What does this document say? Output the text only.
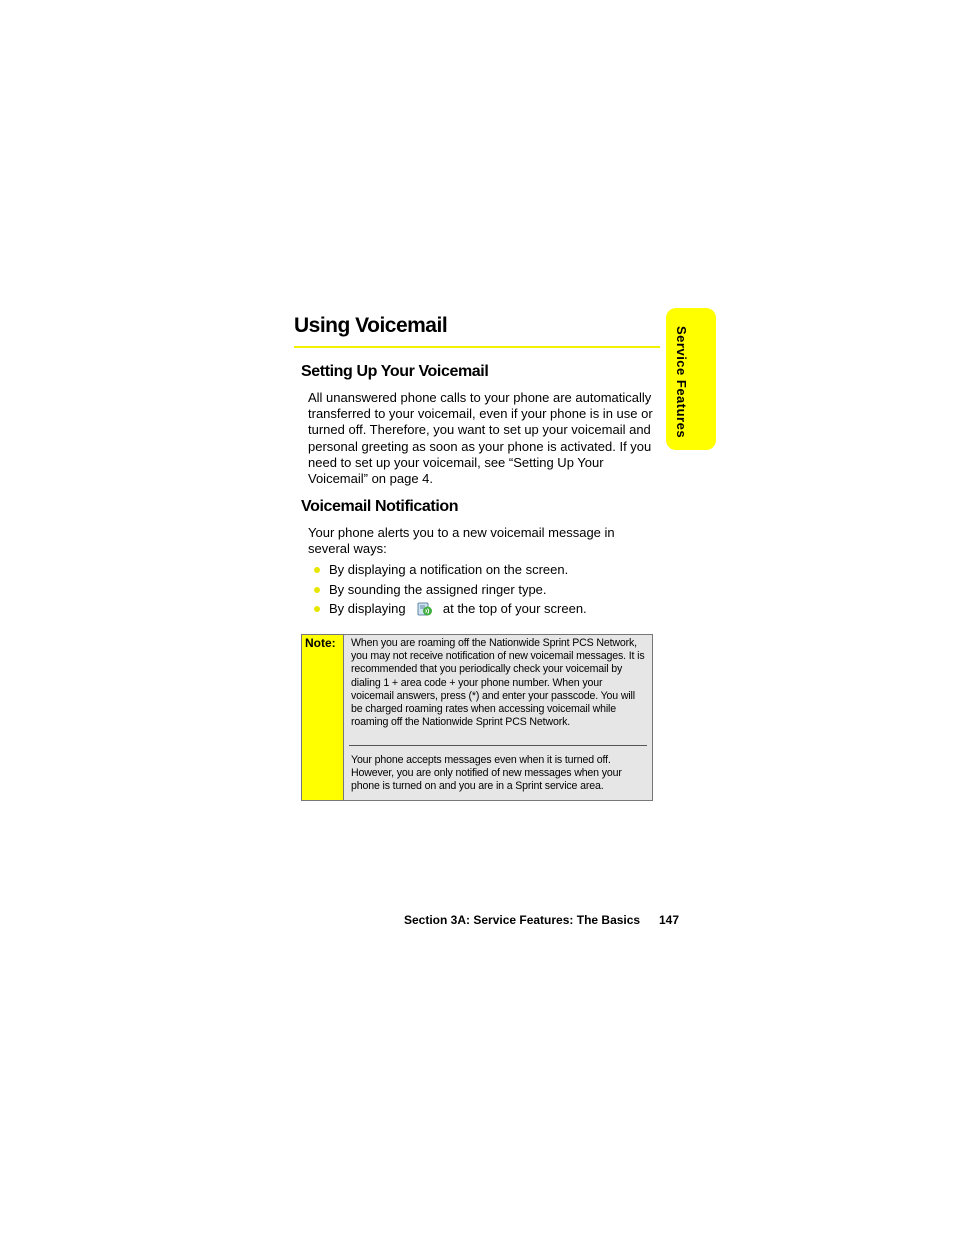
Service Features
Using Voicemail
Setting Up Your Voicemail

All unanswered phone calls to your phone are automatically transferred to your voicemail, even if your phone is in use or turned off. Therefore, you want to set up your voicemail and personal greeting as soon as your phone is activated. If you need to set up your voicemail, see “Setting Up Your Voicemail” on page 4.

Voicemail Notification

Your phone alerts you to a new voicemail message in several ways:

By displaying a notification on the screen.
By sounding the assigned ringer type.
By displaying	at the top of your screen.
Note: When you are roaming off the Nationwide Sprint PCS Network, you may not receive notification of new voicemail messages. It is recommended that you periodically check your voicemail by dialing 1 + area code + your phone number. When your voicemail answers, press (*) and enter your passcode. You will be charged roaming rates when accessing voicemail while roaming off the Nationwide Sprint PCS Network.

Your phone accepts messages even when it is turned off. However, you are only notified of new messages when your phone is turned on and you are in a Sprint service area.

Section 3A: Service Features: The Basics 147
